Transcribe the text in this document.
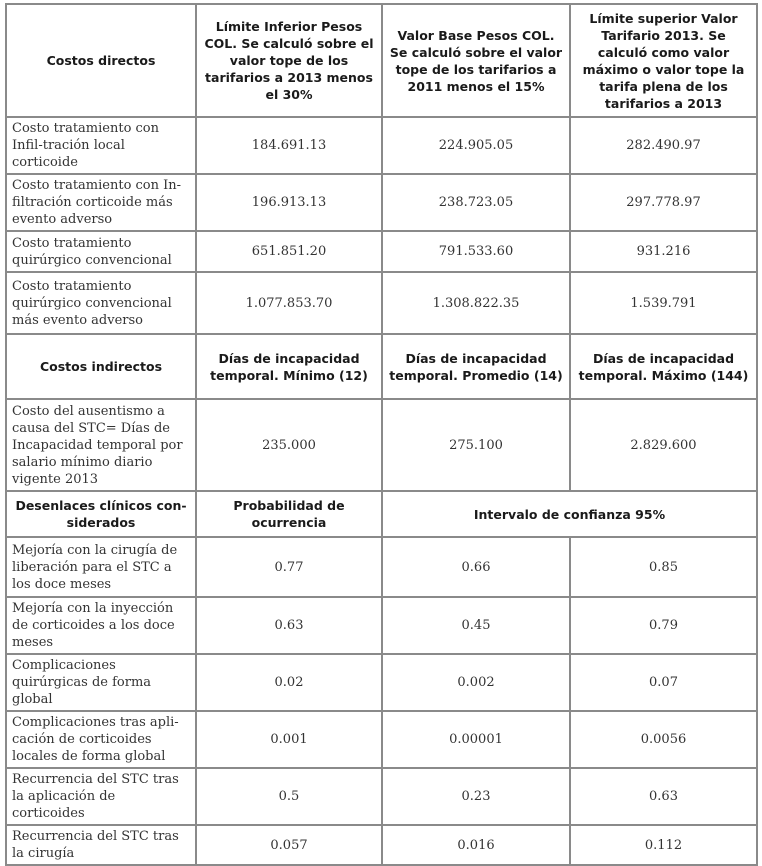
Costos directos	Límite Inferior Pesos COL. Se calculó sobre el valor tope de los tarifarios a 2013 menos el 30%	Valor Base Pesos COL. Se calculó sobre el valor tope de los tarifarios a 2011 menos el 15%	Límite superior Valor Tarifario 2013. Se calculó como valor máximo o valor tope la tarifa plena de los tarifarios a 2013
Costo tratamiento con Infil-tración local corticoide	184.691.13	224.905.05	282.490.97
Costo tratamiento con In-filtración corticoide más evento adverso	196.913.13	238.723.05	297.778.97
Costo tratamiento quirúrgico convencional	651.851.20	791.533.60	931.216
Costo tratamiento quirúrgico convencional más evento adverso	1.077.853.70	1.308.822.35	1.539.791
Costos indirectos	Días de incapacidad temporal. Mínimo (12)	Días de incapacidad temporal. Promedio (14)	Días de incapacidad temporal. Máximo (144)
Costo del ausentismo a causa del STC= Días de Incapacidad temporal por salario mínimo diario vigente 2013	235.000	275.100	2.829.600
Desenlaces clínicos con-siderados	Probabilidad de ocurrencia	Intervalo de confianza 95%	
Mejoría con la cirugía de liberación para el STC a los doce meses	0.77	0.66	0.85
Mejoría con la inyección de corticoides a los doce meses	0.63	0.45	0.79
Complicaciones quirúrgicas de forma global	0.02	0.002	0.07
Complicaciones tras apli-cación de corticoides locales de forma global	0.001	0.00001	0.0056
Recurrencia del STC tras la aplicación de corticoides	0.5	0.23	0.63
Recurrencia del STC tras la cirugía	0.057	0.016	0.112
